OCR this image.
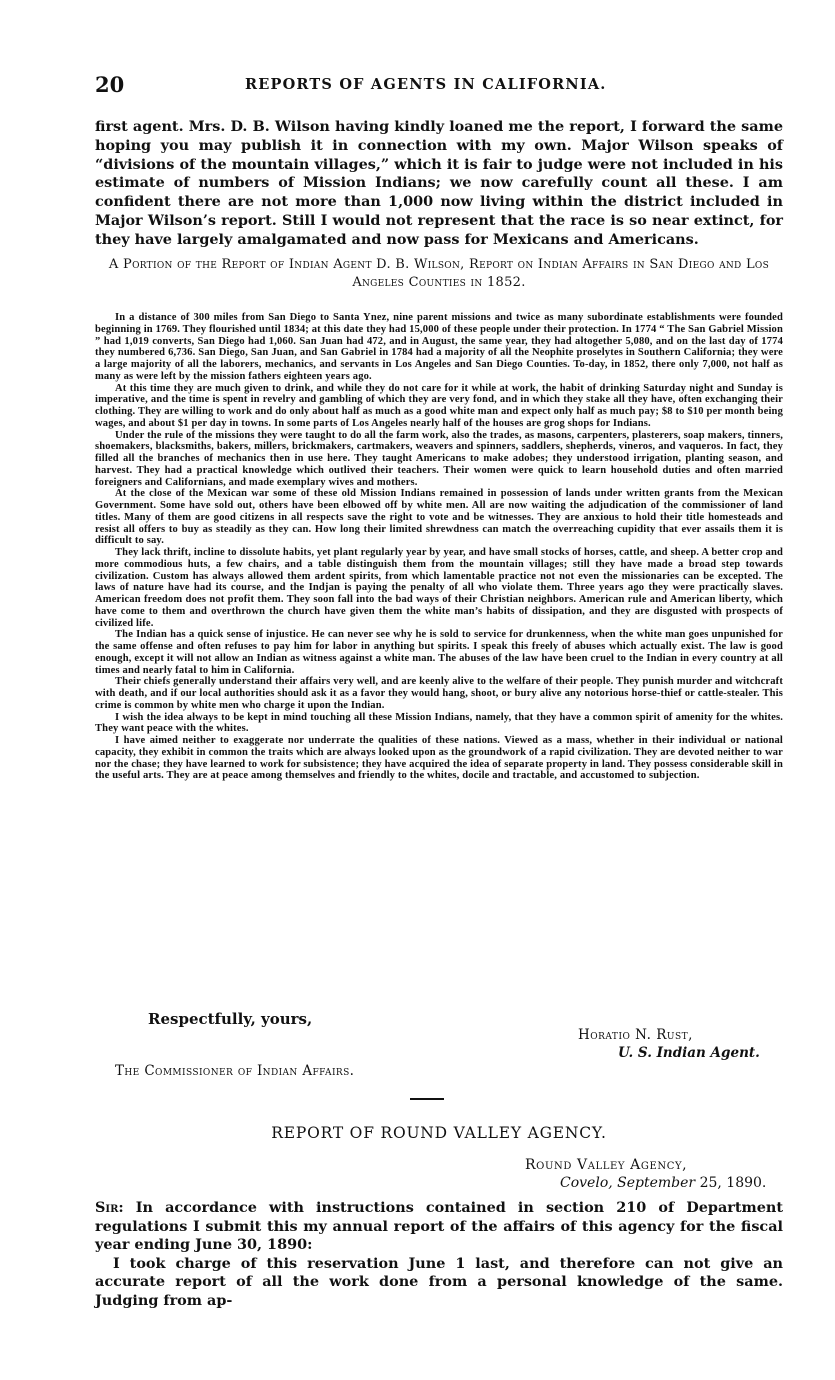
20	REPORTS OF AGENTS IN CALIFORNIA.
first agent. Mrs. D. B. Wilson having kindly loaned me the report, I forward the same hoping you may publish it in connection with my own. Major Wilson speaks of “divisions of the mountain villages,” which it is fair to judge were not included in his estimate of numbers of Mission Indians; we now carefully count all these. I am confident there are not more than 1,000 now living within the district included in Major Wilson’s report. Still I would not represent that the race is so near extinct, for they have largely amalgamated and now pass for Mexicans and Americans.
A Portion of the Report of Indian Agent D. B. Wilson, Report on Indian Affairs in San Diego and Los Angeles Counties in 1852.

In a distance of 300 miles from San Diego to Santa Ynez, nine parent missions and twice as many subordinate establishments were founded beginning in 1769. They flourished until 1834; at this date they had 15,000 of these people under their protection. In 1774 “ The San Gabriel Mission ” had 1,019 converts, San Diego had 1,060. San Juan had 472, and in August, the same year, they had altogether 5,080, and on the last day of 1774 they numbered 6,736. San Diego, San Juan, and San Gabriel in 1784 had a majority of all the Neophite proselytes in Southern California; they were a large majority of all the laborers, mechanics, and servants in Los Angeles and San Diego Counties. To-day, in 1852, there only 7,000, not half as many as were left by the mission fathers eighteen years ago.

At this time they are much given to drink, and while they do not care for it while at work, the habit of drinking Saturday night and Sunday is imperative, and the time is spent in revelry and gambling of which they are very fond, and in which they stake all they have, often exchanging their clothing. They are willing to work and do only about half as much as a good white man and expect only half as much pay; $8 to $10 per month being wages, and about $1 per day in towns. In some parts of Los Angeles nearly half of the houses are grog shops for Indians.

Under the rule of the missions they were taught to do all the farm work, also the trades, as masons, carpenters, plasterers, soap makers, tinners, shoemakers, blacksmiths, bakers, millers, brickmakers, cartmakers, weavers and spinners, saddlers, shepherds, vineros, and vaqueros. In fact, they filled all the branches of mechanics then in use here. They taught Americans to make adobes; they understood irrigation, planting season, and harvest. They had a practical knowledge which outlived their teachers. Their women were quick to learn household duties and often married foreigners and Californians, and made exemplary wives and mothers.

At the close of the Mexican war some of these old Mission Indians remained in possession of lands under written grants from the Mexican Government. Some have sold out, others have been elbowed off by white men. All are now waiting the adjudication of the commissioner of land titles. Many of them are good citizens in all respects save the right to vote and be witnesses. They are anxious to hold their title homesteads and resist all offers to buy as steadily as they can. How long their limited shrewdness can match the overreaching cupidity that ever assails them it is difficult to say.

They lack thrift, incline to dissolute habits, yet plant regularly year by year, and have small stocks of horses, cattle, and sheep. A better crop and more commodious huts, a few chairs, and a table distinguish them from the mountain villages; still they have made a broad step towards civilization. Custom has always allowed them ardent spirits, from which lamentable practice not not even the missionaries can be excepted. The laws of nature have had its course, and the Indjan is paying the penalty of all who violate them. Three years ago they were practically slaves. American freedom does not profit them. They soon fall into the bad ways of their Christian neighbors. American rule and American liberty, which have come to them and overthrown the church have given them the white man’s habits of dissipation, and they are disgusted with prospects of civilized life.

The Indian has a quick sense of injustice. He can never see why he is sold to service for drunkenness, when the white man goes unpunished for the same offense and often refuses to pay him for labor in anything but spirits. I speak this freely of abuses which actually exist. The law is good enough, except it will not allow an Indian as witness against a white man. The abuses of the law have been cruel to the Indian in every country at all times and nearly fatal to him in California.

Their chiefs generally understand their affairs very well, and are keenly alive to the welfare of their people. They punish murder and witchcraft with death, and if our local authorities should ask it as a favor they would hang, shoot, or bury alive any notorious horse-thief or cattle-stealer. This crime is common by white men who charge it upon the Indian.

I wish the idea always to be kept in mind touching all these Mission Indians, namely, that they have a common spirit of amenity for the whites. They want peace with the whites.

I have aimed neither to exaggerate nor underrate the qualities of these nations. Viewed as a mass, whether in their individual or national capacity, they exhibit in common the traits which are always looked upon as the groundwork of a rapid civilization. They are devoted neither to war nor the chase; they have learned to work for subsistence; they have acquired the idea of separate property in land. They possess considerable skill in the useful arts. They are at peace among themselves and friendly to the whites, docile and tractable, and accustomed to subjection.

Respectfully, yours,
Horatio N. Rust,
U. S. Indian Agent.
The Commissioner of Indian Affairs.
REPORT OF ROUND VALLEY AGENCY.
Round Valley Agency,
Covelo, September 25, 1890.

Sir: In accordance with instructions contained in section 210 of Department regulations I submit this my annual report of the affairs of this agency for the fiscal year ending June 30, 1890:

I took charge of this reservation June 1 last, and therefore can not give an accurate report of all the work done from a personal knowledge of the same. Judging from ap-
